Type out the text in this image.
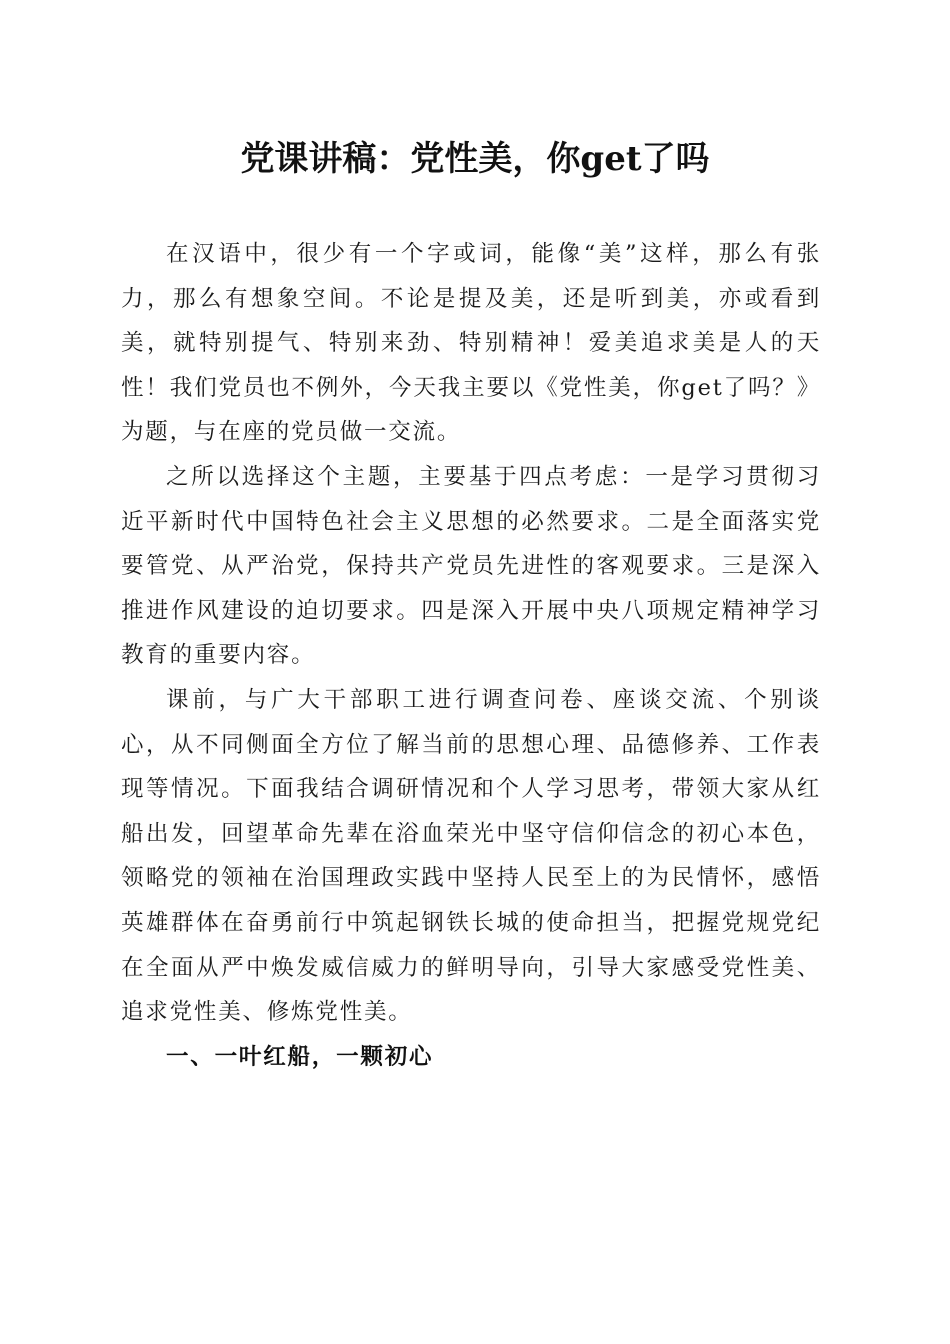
党课讲稿：党性美，你get了吗

在汉语中，很少有一个字或词，能像“美”这样，那么有张力，那么有想象空间。不论是提及美，还是听到美，亦或看到美，就特别提气、特别来劲、特别精神！爱美追求美是人的天性！我们党员也不例外，今天我主要以《党性美，你get了吗？》为题，与在座的党员做一交流。

之所以选择这个主题，主要基于四点考虑：一是学习贯彻习近平新时代中国特色社会主义思想的必然要求。二是全面落实党要管党、从严治党，保持共产党员先进性的客观要求。三是深入推进作风建设的迫切要求。四是深入开展中央八项规定精神学习教育的重要内容。

课前，与广大干部职工进行调查问卷、座谈交流、个别谈心，从不同侧面全方位了解当前的思想心理、品德修养、工作表现等情况。下面我结合调研情况和个人学习思考，带领大家从红船出发，回望革命先辈在浴血荣光中坚守信仰信念的初心本色，领略党的领袖在治国理政实践中坚持人民至上的为民情怀，感悟英雄群体在奋勇前行中筑起钢铁长城的使命担当，把握党规党纪在全面从严中焕发威信威力的鲜明导向，引导大家感受党性美、追求党性美、修炼党性美。

一、一叶红船，一颗初心
